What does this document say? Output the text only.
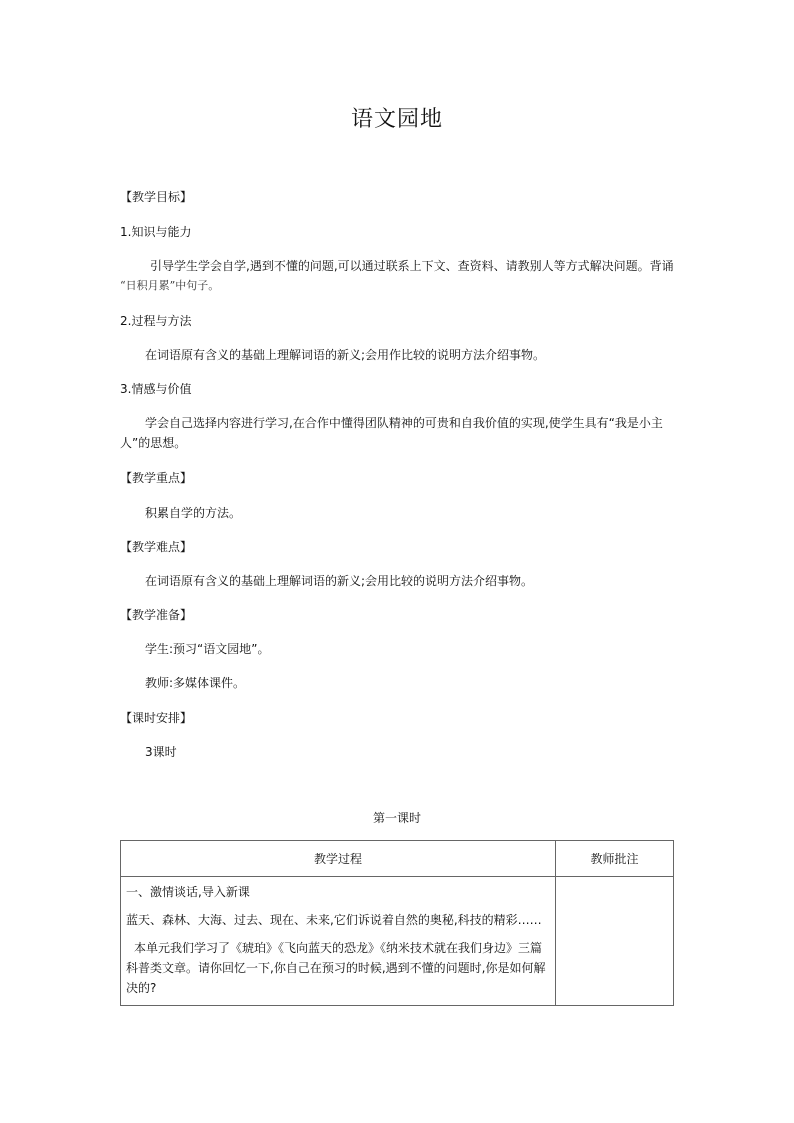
语文园地
【教学目标】
1.知识与能力
引导学生学会自学,遇到不懂的问题,可以通过联系上下文、查资料、请教别人等方式解决问题。背诵
“日积月累”中句子。
2.过程与方法
在词语原有含义的基础上理解词语的新义;会用作比较的说明方法介绍事物。
3.情感与价值
学会自己选择内容进行学习,在合作中懂得团队精神的可贵和自我价值的实现,使学生具有“我是小主
人”的思想。
【教学重点】
积累自学的方法。
【教学难点】
在词语原有含义的基础上理解词语的新义;会用比较的说明方法介绍事物。
【教学准备】
学生:预习“语文园地”。
教师:多媒体课件。
【课时安排】
3课时
第一课时
教学过程	教师批注

一、激情谈话,导入新课

蓝天、森林、大海、过去、现在、未来,它们诉说着自然的奥秘,科技的精彩……

本单元我们学习了《琥珀》《飞向蓝天的恐龙》《纳米技术就在我们身边》三篇科普类文章。请你回忆一下,你自己在预习的时候,遇到不懂的问题时,你是如何解决的?	
